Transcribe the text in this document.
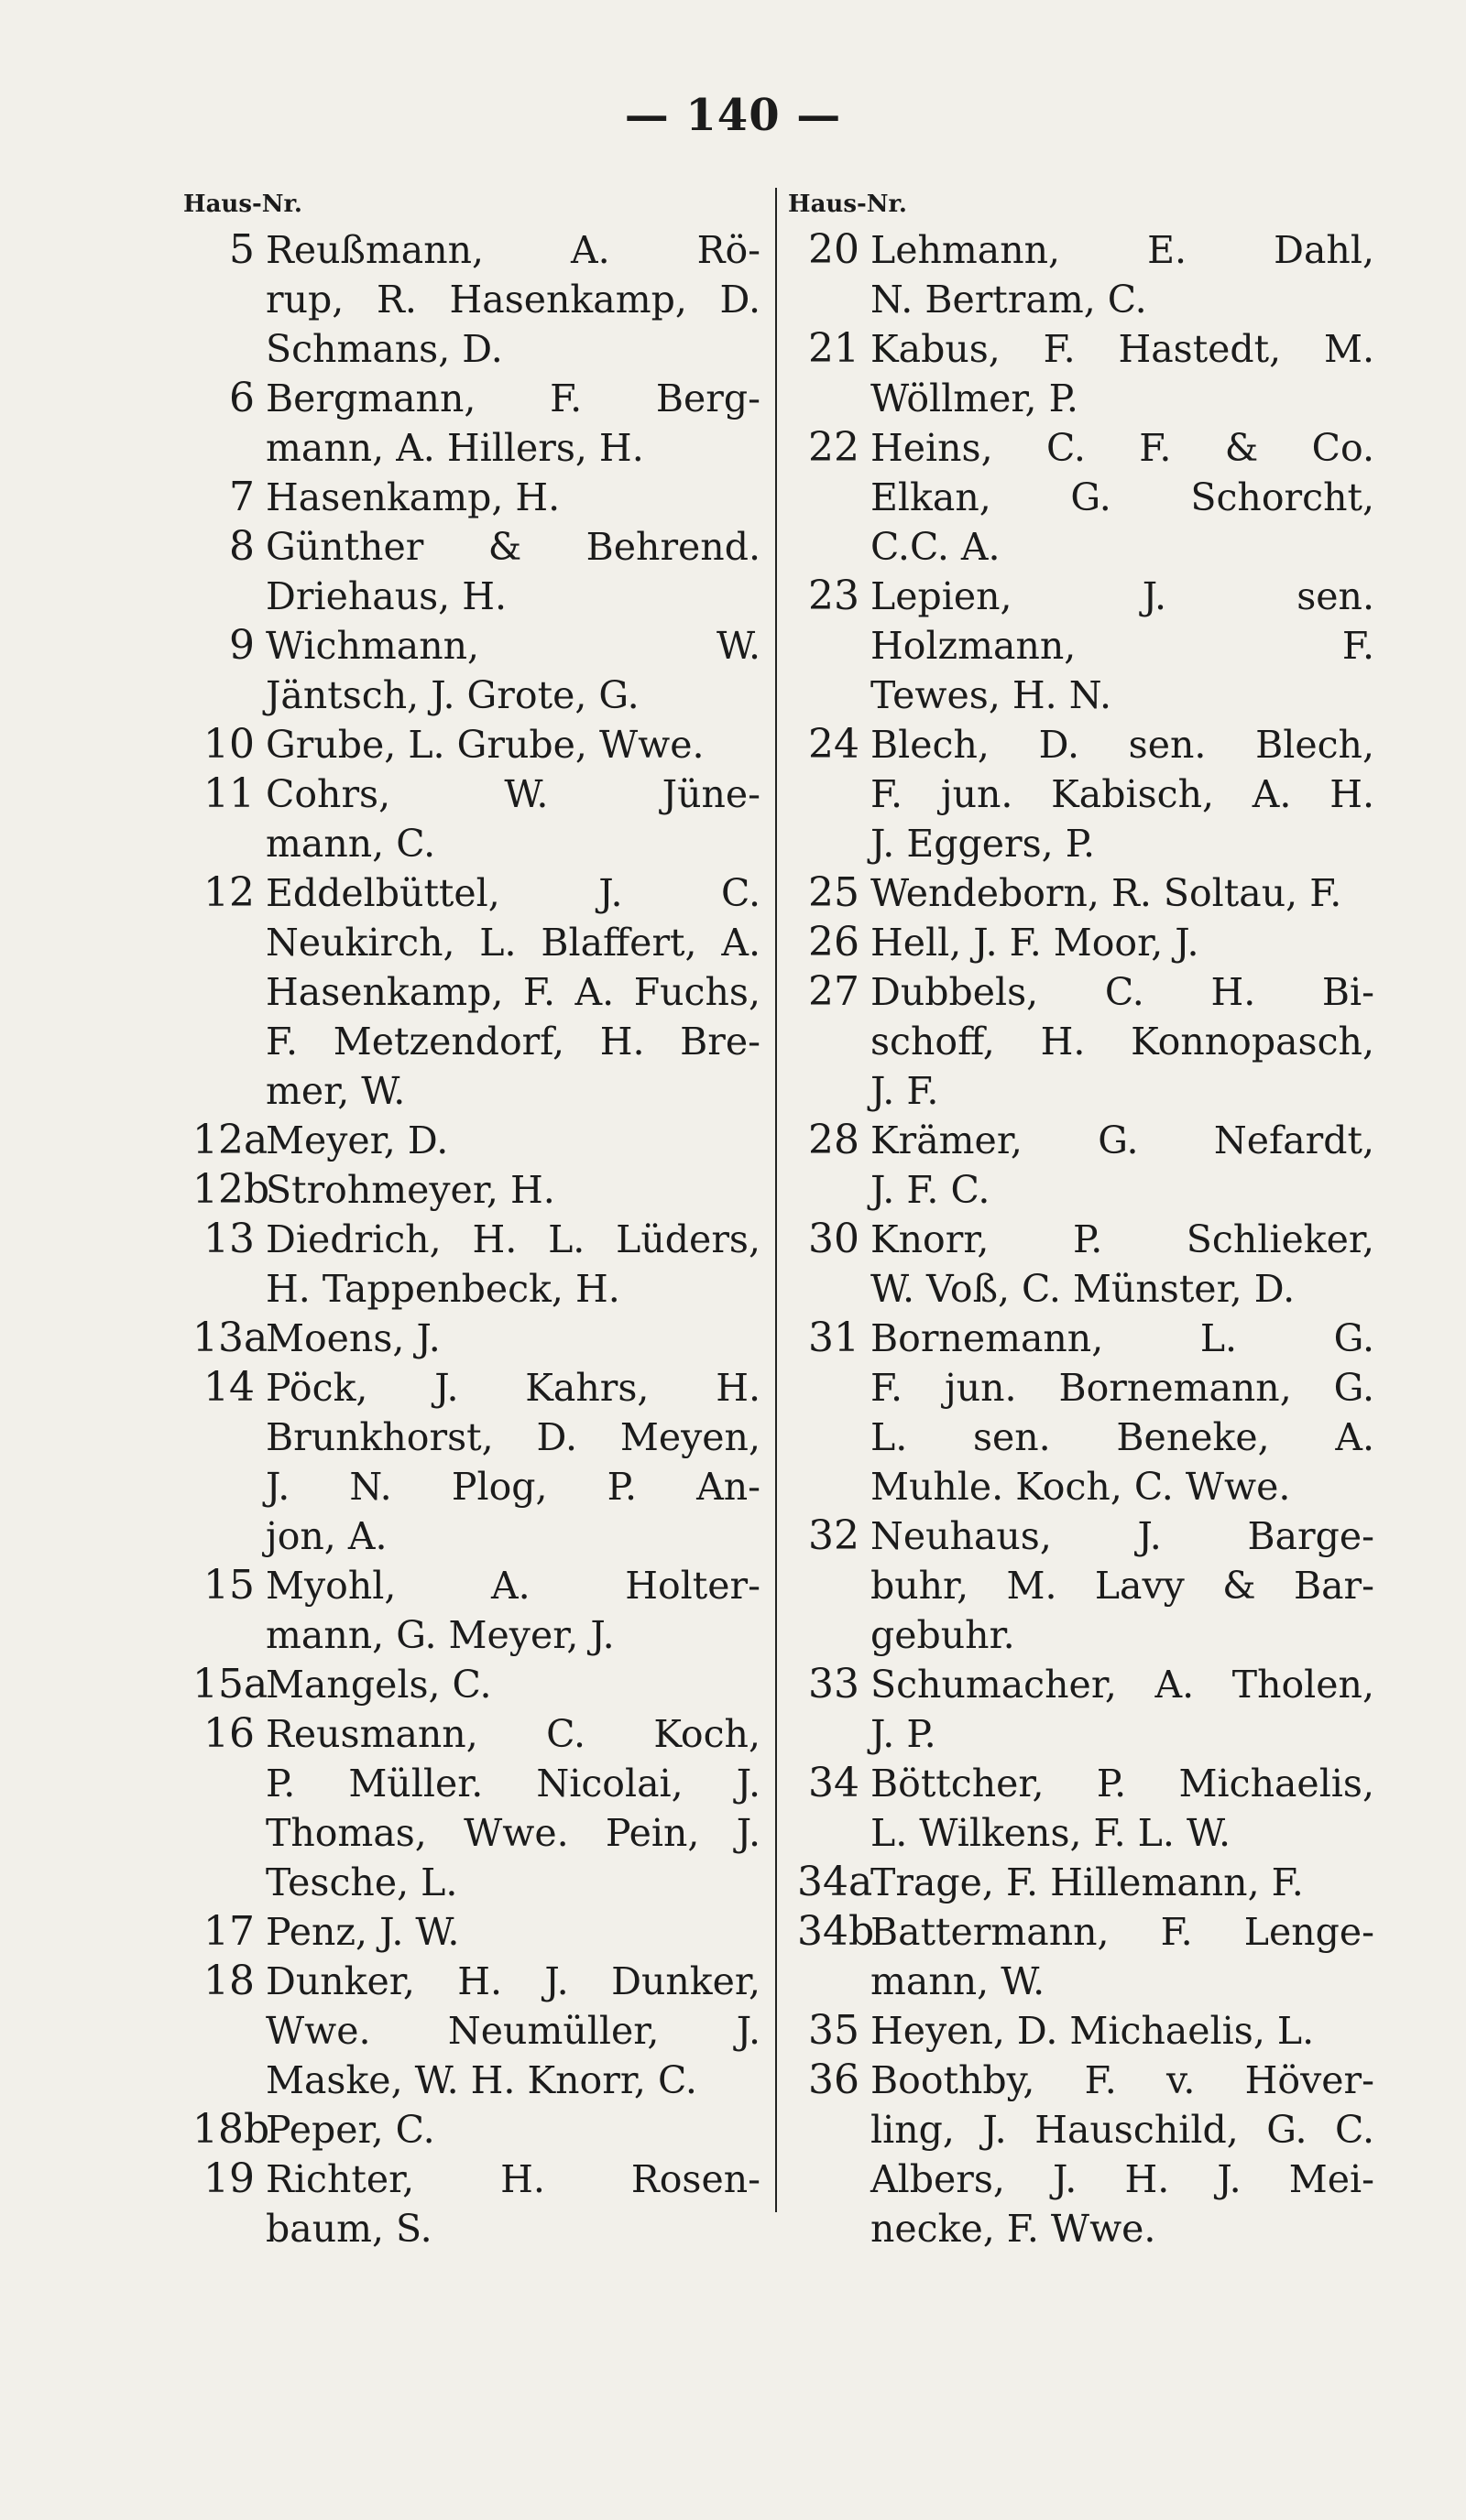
— 140 —
Haus-Nr.
5 Reußmann, A. Rö-
rup, R. Hasenkamp, D.
Schmans, D.
6 Bergmann, F. Berg-
mann, A. Hillers, H.
7 Hasenkamp, H.
8 Günther & Behrend.
Driehaus, H.
9 Wichmann, W.
Jäntsch, J. Grote, G.
10 Grube, L. Grube, Wwe.
11 Cohrs, W. Jüne-
mann, C.
12 Eddelbüttel, J. C.
Neukirch, L. Blaffert, A.
Hasenkamp, F. A. Fuchs,
F. Metzendorf, H. Bre-
mer, W.
12a
Meyer, D.
12b
Strohmeyer, H.
13 Diedrich, H. L. Lüders,
H. Tappenbeck, H.
13a
Moens, J.
14 Pöck, J. Kahrs, H.
Brunkhorst, D. Meyen,
J. N. Plog, P. An-
jon, A.
15 Myohl, A. Holter-
mann, G. Meyer, J.
15a
Mangels, C.
16 Reusmann, C. Koch,
P. Müller. Nicolai, J.
Thomas, Wwe. Pein, J.
Tesche, L.
17 Penz, J. W.
18 Dunker, H. J. Dunker,
Wwe. Neumüller, J.
Maske, W. H. Knorr, C.
18b
Peper, C.
19 Richter, H. Rosen-
baum, S.
Haus-Nr.
20 Lehmann, E. Dahl,
N. Bertram, C.
21 Kabus, F. Hastedt, M.
Wöllmer, P.
22 Heins, C. F. & Co.
Elkan, G. Schorcht,
C.C. A.
23 Lepien, J. sen.
Holzmann, F.
Tewes, H. N.
24 Blech, D. sen. Blech,
F. jun. Kabisch, A. H.
J. Eggers, P.
25 Wendeborn, R. Soltau, F.
26 Hell, J. F. Moor, J.
27 Dubbels, C. H. Bi-
schoff, H. Konnopasch,
J. F.
28 Krämer, G. Nefardt,
J. F. C.
30 Knorr, P. Schlieker,
W. Voß, C. Münster, D.
31 Bornemann, L. G.
F. jun. Bornemann, G.
L. sen. Beneke, A.
Muhle. Koch, C. Wwe.
32 Neuhaus, J. Barge-
buhr, M. Lavy & Bar-
gebuhr.
33 Schumacher, A. Tholen,
J. P.
34 Böttcher, P. Michaelis,
L. Wilkens, F. L. W.
34a
Trage, F. Hillemann, F.
34b
Battermann, F. Lenge-
mann, W.
35 Heyen, D. Michaelis, L.
36 Boothby, F. v. Höver-
ling, J. Hauschild, G. C.
Albers, J. H. J. Mei-
necke, F. Wwe.
